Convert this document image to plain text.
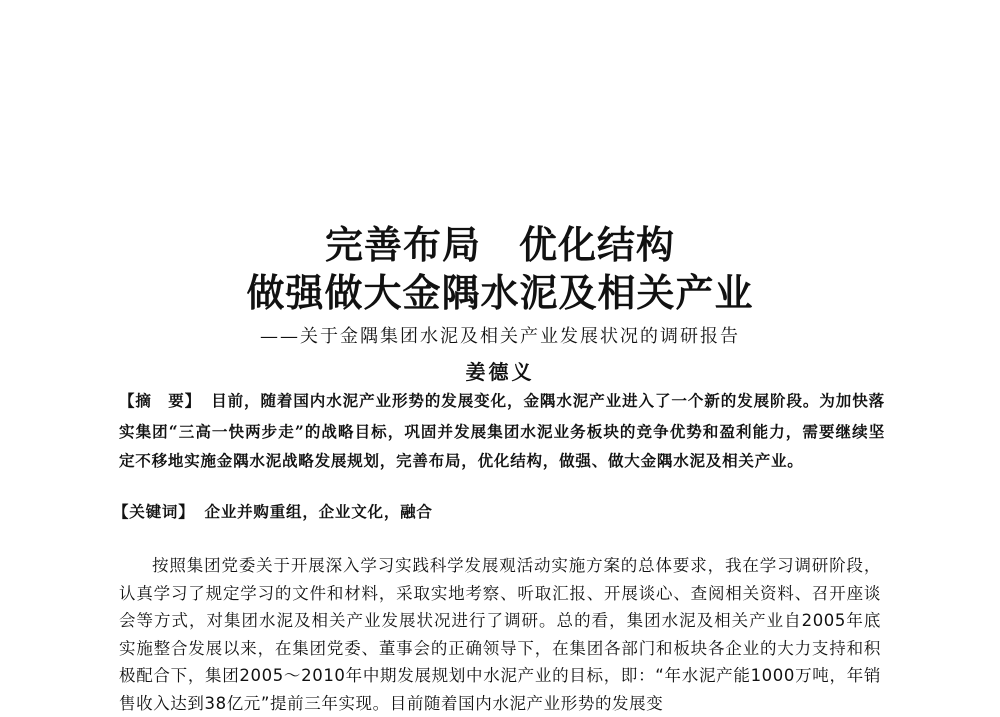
完善布局 优化结构
做强做大金隅水泥及相关产业
——关于金隅集团水泥及相关产业发展状况的调研报告
姜德义
【摘　要】 目前，随着国内水泥产业形势的发展变化，金隅水泥产业进入了一个新的发展阶段。为加快落实集团“三高一快两步走”的战略目标，巩固并发展集团水泥业务板块的竞争优势和盈利能力，需要继续坚定不移地实施金隅水泥战略发展规划，完善布局，优化结构，做强、做大金隅水泥及相关产业。
【关键词】 企业并购重组，企业文化，融合

按照集团党委关于开展深入学习实践科学发展观活动实施方案的总体要求，我在学习调研阶段，认真学习了规定学习的文件和材料，采取实地考察、听取汇报、开展谈心、查阅相关资料、召开座谈会等方式，对集团水泥及相关产业发展状况进行了调研。总的看，集团水泥及相关产业自2005年底实施整合发展以来，在集团党委、董事会的正确领导下，在集团各部门和板块各企业的大力支持和积极配合下，集团2005～2010年中期发展规划中水泥产业的目标，即：“年水泥产能1000万吨，年销售收入达到38亿元”提前三年实现。目前随着国内水泥产业形势的发展变
